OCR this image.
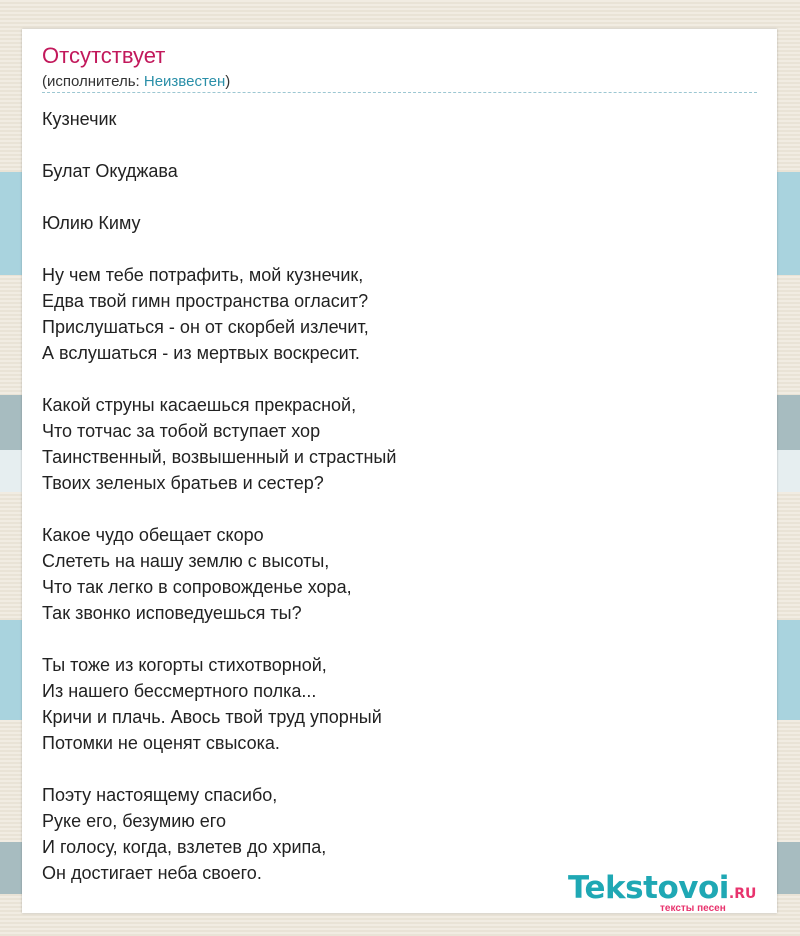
Отсутствует
(исполнитель: Неизвестен)
Кузнечик
Булат Окуджава
Юлию Киму
Ну чем тебе потрафить, мой кузнечик,
Едва твой гимн пространства огласит?
Прислушаться - он от скорбей излечит,
А вслушаться - из мертвых воскресит.
Какой струны касаешься прекрасной,
Что тотчас за тобой вступает хор
Таинственный, возвышенный и страстный
Твоих зеленых братьев и сестер?
Какое чудо обещает скоро
Слететь на нашу землю с высоты,
Что так легко в сопровожденье хора,
Так звонко исповедуешься ты?
Ты тоже из когорты стихотворной,
Из нашего бессмертного полка...
Кричи и плачь. Авось твой труд упорный
Потомки не оценят свысока.
Поэту настоящему спасибо,
Руке его, безумию его
И голосу, когда, взлетев до хрипа,
Он достигает неба своего.	Tekstovoi.RU
тексты песен
